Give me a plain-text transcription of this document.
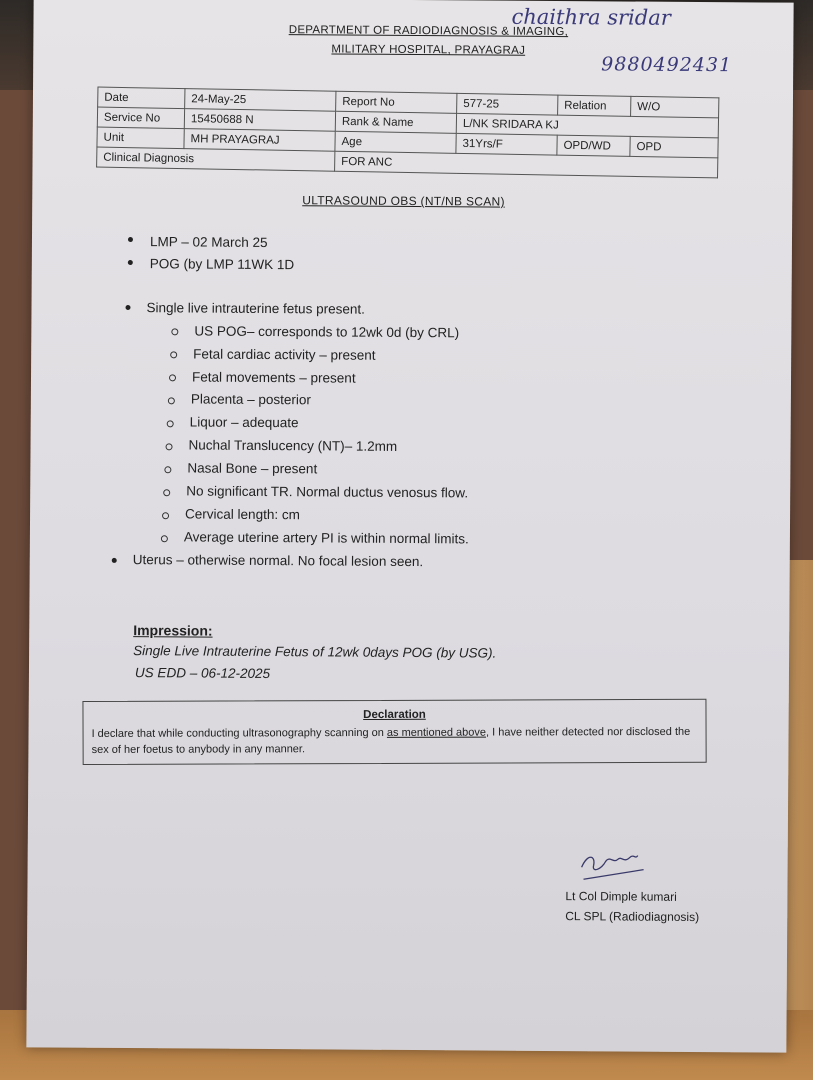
chaithra sridar
9880492431
DEPARTMENT OF RADIODIAGNOSIS & IMAGING,
MILITARY HOSPITAL, PRAYAGRAJ
Date	24-May-25	Report No	577-25	Relation	W/O
Service No	15450688 N	Rank & Name	L/NK SRIDARA KJ		
Unit	MH PRAYAGRAJ	Age	31Yrs/F	OPD/WD	OPD
Clinical Diagnosis		FOR ANC			
ULTRASOUND OBS (NT/NB SCAN)
LMP – 02 March 25
POG (by LMP 11WK 1D
Single live intrauterine fetus present.
US POG– corresponds to 12wk 0d (by CRL)
Fetal cardiac activity – present
Fetal movements – present
Placenta – posterior
Liquor – adequate
Nuchal Translucency (NT)– 1.2mm
Nasal Bone – present
No significant TR. Normal ductus venosus flow.
Cervical length: cm
Average uterine artery PI is within normal limits.
Uterus – otherwise normal. No focal lesion seen.
Impression:
Single Live Intrauterine Fetus of 12wk 0days POG (by USG).
US EDD – 06-12-2025
Declaration
I declare that while conducting ultrasonography scanning on as mentioned above, I have neither detected nor disclosed the sex of her foetus to anybody in any manner.
Lt Col Dimple kumari
CL SPL (Radiodiagnosis)
